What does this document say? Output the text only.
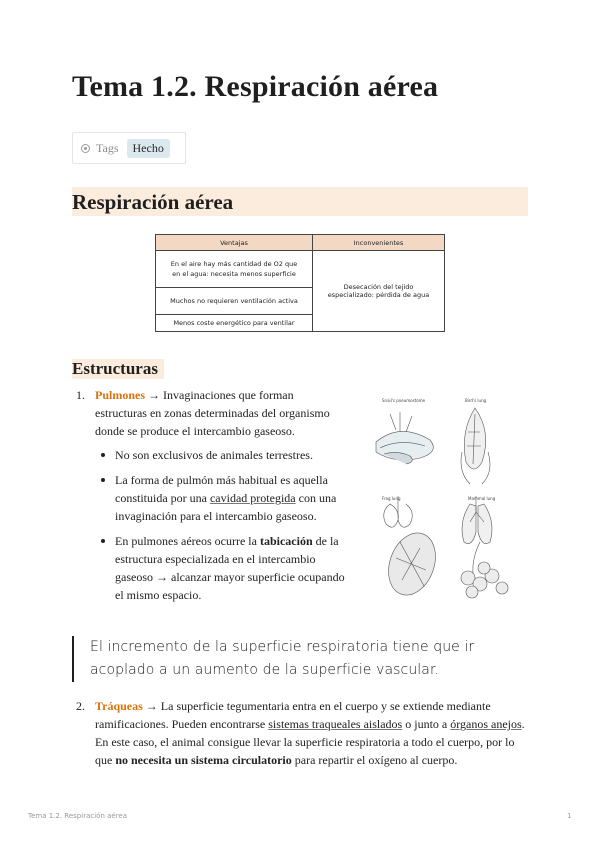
Tema 1.2. Respiración aérea
Tags	Hecho
Respiración aérea
Ventajas	Inconvenientes
En el aire hay más cantidad de O2 que en el agua: necesita menos superficie	Desecación del tejido especializado: pérdida de agua
Muchos no requieren ventilación activa	
Menos coste energético para ventilar	
Estructuras
1. Pulmones → Invaginaciones que forman estructuras en zonas determinadas del organismo donde se produce el intercambio gaseoso.
No son exclusivos de animales terrestres.
La forma de pulmón más habitual es aquella constituida por una cavidad protegida con una invaginación para el intercambio gaseoso.
En pulmones aéreos ocurre la tabicación de la estructura especializada en el intercambio gaseoso → alcanzar mayor superficie ocupando el mismo espacio.
Snail's pneumostome	Bird's lung
Frog lung	Mammal lung
El incremento de la superficie respiratoria tiene que ir acoplado a un aumento de la superficie vascular.
2. Tráqueas → La superficie tegumentaria entra en el cuerpo y se extiende mediante ramificaciones. Pueden encontrarse sistemas traqueales aislados o junto a órganos anejos. En este caso, el animal consigue llevar la superficie respiratoria a todo el cuerpo, por lo que no necesita un sistema circulatorio para repartir el oxígeno al cuerpo.
Tema 1.2. Respiración aérea	1
